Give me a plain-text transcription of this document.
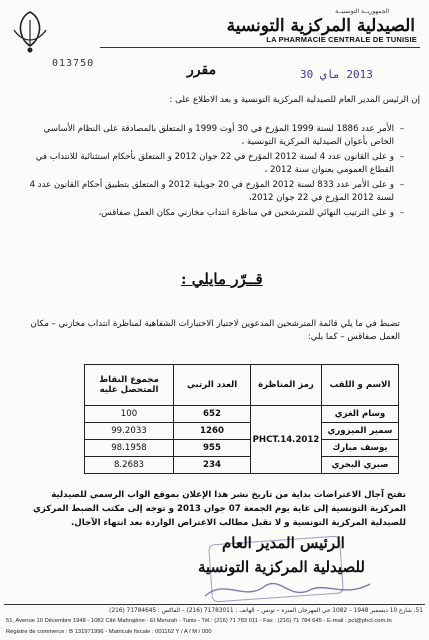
الجمهوريــة التونسيــة
الصيدلية المركزية التونسية
LA PHARMACIE CENTRALE DE TUNISIE
013750	مقرر	2013 ماي 30
إن الرئيس المدير العام للصيدلية المركزية التونسية و بعد الاطلاع على :
– الأمر عدد 1886 لسنة 1999 المؤرخ في 30 أوت 1999 و المتعلق بالمصادقة على النظام الأساسي الخاص بأعوان الصيدلية المركزية التونسية ،
– و على القانون عدد 4 لسنة 2012 المؤرخ في 22 جوان 2012 و المتعلق بأحكام استثنائية للانتداب في القطاع العمومي بعنوان سنة 2012 ،
– و على الأمر عدد 833 لسنة 2012 المؤرخ في 20 جويلية 2012 و المتعلق بتطبيق أحكام القانون عدد 4 لسنة 2012 المؤرخ في 22 جوان 2012،
– و على الترتيب النهائي للمترشحين في مناظرة انتداب مخازني مكان العمل صفاقس،
قــرّر مايلي :
تضبط في ما يلي قائمة المترشحين المدعوين لاجتياز الاختبارات الشفاهية لمناظرة انتداب مخازني – مكان العمل صفاقس – كما يلي:
الاسم و اللقب	رمز المناظرة	العدد الرتبي	مجموع النقاط المتحصل عليه
وسام الغزي	PHCT.14.2012	652	100
سمير الميزوري		1260	99.2033
يوسف مبارك		955	98.1958
صبري البحري		234	8.2683
تفتح آجال الاعتراضات بداية من تاريخ نشر هذا الإعلان بموقع الواب الرسمي للصيدلية المركزية التونسية إلى غاية يوم الجمعة 07 جوان 2013 و توجه إلى مكتب الضبط المركزي للصيدلية المركزية التونسية و لا تقبل مطالب الاعتراض الواردة بعد انتهاء الآجال.
الرئيس المدير العام
للصيدلية المركزية التونسية
51، شارع 10 ديسمبر 1948 – 1082 حي المهرجان المنزه – تونس – الهاتف : 71783011 (216) – الفاكس : 71784645 (216)
51, Avenue 10 Décembre 1948 - 1082 Cité Mahrajène - El Menzah - Tunis - Tél.: (216) 71 783 011 - Fax : (216) 71 784 645 - E-mail : pct@phct.com.tn
Registre de commerce : B 131971996 - Matricule fiscale : 001162 Y / A / M / 000
